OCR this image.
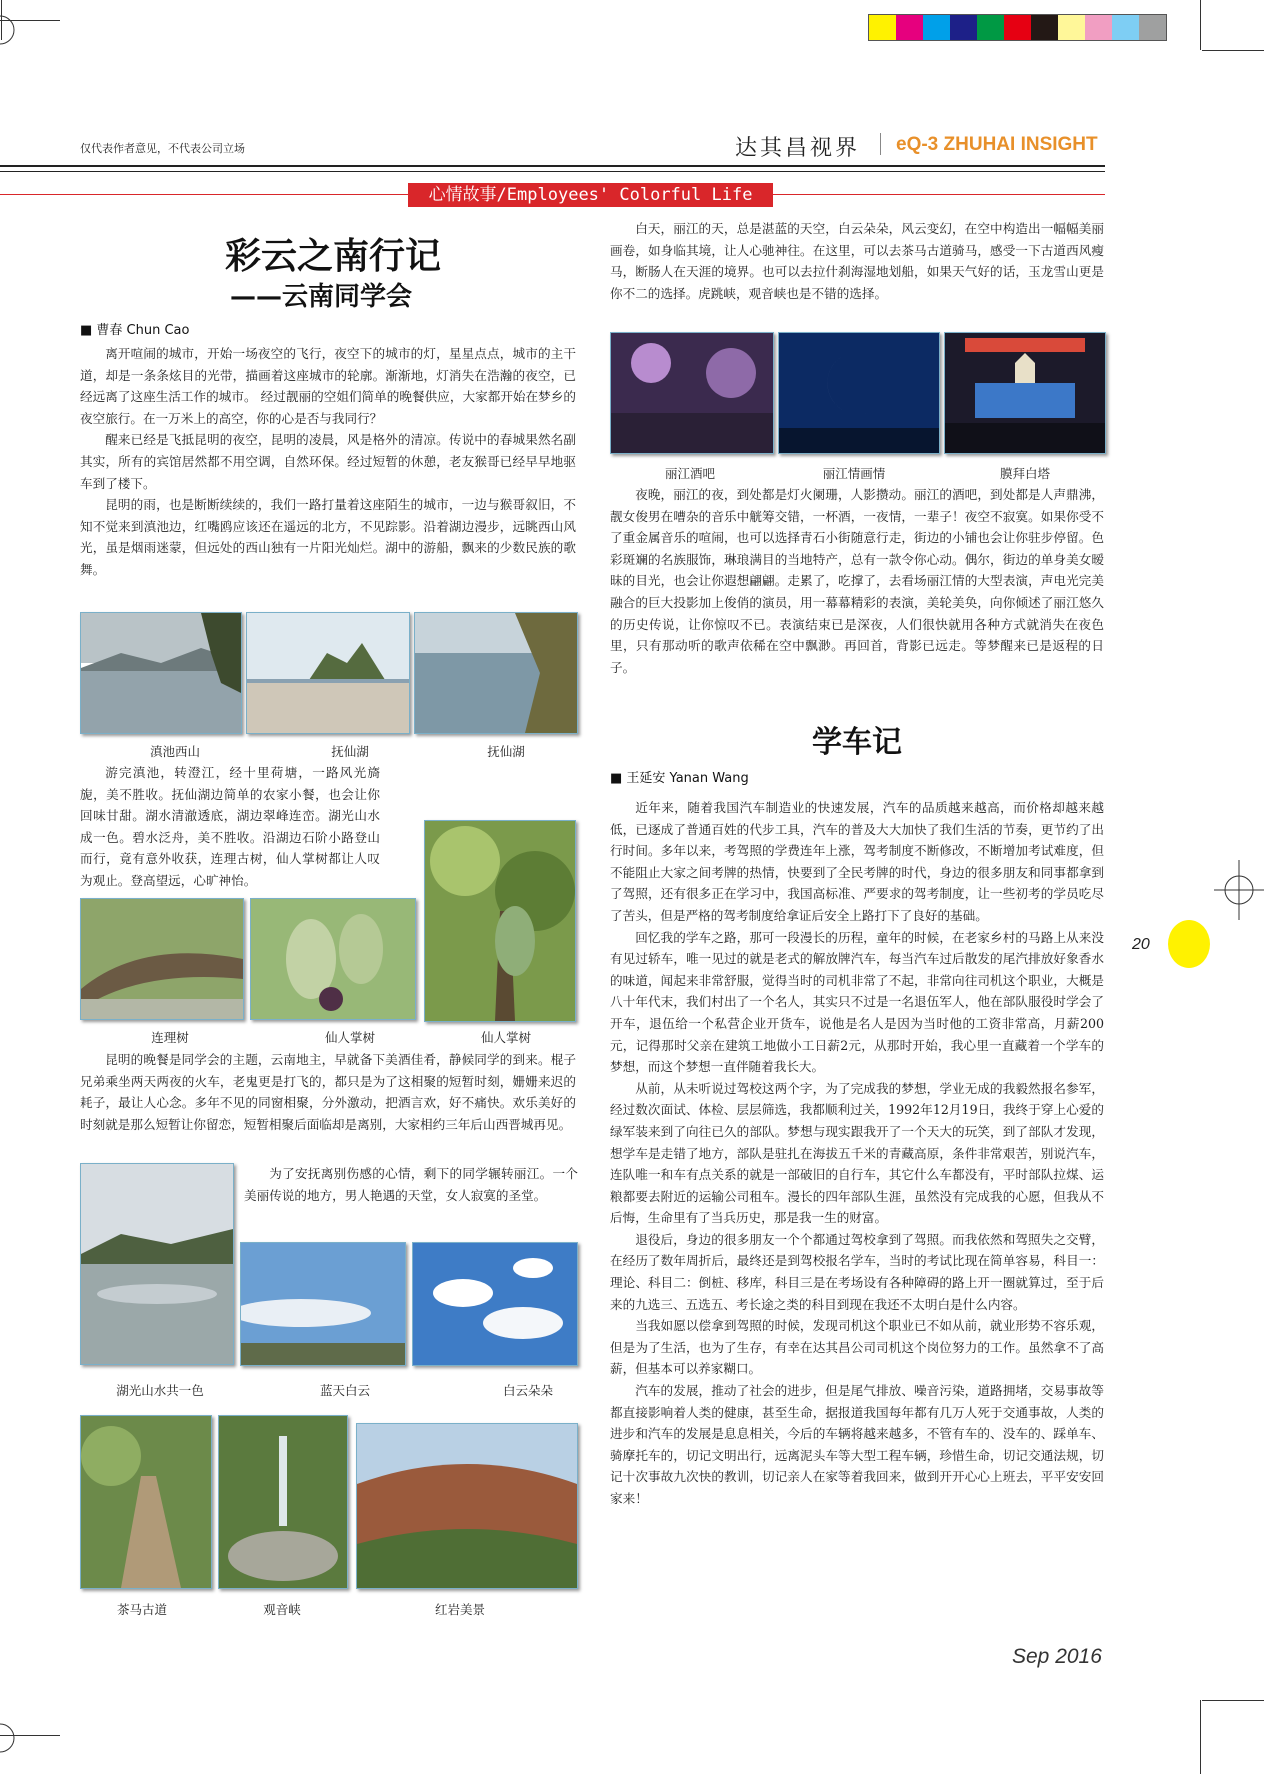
仅代表作者意见，不代表公司立场	达其昌视界 eQ-3 ZHUHAI INSIGHT
心情故事/Employees' Colorful Life
彩云之南行记
——云南同学会
■ 曹春 Chun Cao

离开喧闹的城市，开始一场夜空的飞行，夜空下的城市的灯，星星点点，城市的主干道，却是一条条炫目的光带，描画着这座城市的轮廓。渐渐地，灯消失在浩瀚的夜空，已经远离了这座生活工作的城市。 经过靓丽的空姐们简单的晚餐供应，大家都开始在梦乡的夜空旅行。在一万米上的高空，你的心是否与我同行？

醒来已经是飞抵昆明的夜空，昆明的凌晨，风是格外的清凉。传说中的春城果然名副其实，所有的宾馆居然都不用空调，自然环保。经过短暂的休憩，老友猴哥已经早早地驱车到了楼下。

昆明的雨，也是断断续续的，我们一路打量着这座陌生的城市，一边与猴哥叙旧，不知不觉来到滇池边，红嘴鸥应该还在遥远的北方，不见踪影。沿着湖边漫步，远眺西山风光，虽是烟雨迷蒙，但远处的西山独有一片阳光灿烂。湖中的游船，飘来的少数民族的歌舞。

滇池西山	抚仙湖	抚仙湖

游完滇池，转澄江，经十里荷塘，一路风光旖旎，美不胜收。抚仙湖边简单的农家小餐，也会让你回味甘甜。湖水清澈透底，湖边翠峰连峦。湖光山水成一色。碧水泛舟，美不胜收。沿湖边石阶小路登山而行，竟有意外收获，连理古树，仙人掌树都让人叹为观止。登高望远，心旷神怡。

连理树	仙人掌树	仙人掌树

昆明的晚餐是同学会的主题，云南地主，早就备下美酒佳肴，静候同学的到来。棍子兄弟乘坐两天两夜的火车，老鬼更是打飞的，都只是为了这相聚的短暂时刻，姗姗来迟的耗子，最让人心念。多年不见的同窗相聚，分外激动，把酒言欢，好不痛快。欢乐美好的时刻就是那么短暂让你留恋，短暂相聚后面临却是离别，大家相约三年后山西晋城再见。

为了安抚离别伤感的心情，剩下的同学辗转丽江。一个美丽传说的地方，男人艳遇的天堂，女人寂寞的圣堂。

湖光山水共一色	蓝天白云	白云朵朵
茶马古道	观音峡	红岩美景

白天，丽江的天，总是湛蓝的天空，白云朵朵，风云变幻，在空中构造出一幅幅美丽画卷，如身临其境，让人心驰神往。在这里，可以去茶马古道骑马，感受一下古道西风瘦马，断肠人在天涯的境界。也可以去拉什刹海湿地划船，如果天气好的话，玉龙雪山更是你不二的选择。虎跳峡，观音峡也是不错的选择。

丽江酒吧	丽江情画情	膜拜白塔

夜晚，丽江的夜，到处都是灯火阑珊，人影攒动。丽江的酒吧，到处都是人声鼎沸，靓女俊男在嘈杂的音乐中觥筹交错，一杯酒，一夜情，一辈子！夜空不寂寞。如果你受不了重金属音乐的喧闹，也可以选择青石小街随意行走，街边的小铺也会让你驻步停留。色彩斑斓的名族服饰，琳琅满目的当地特产，总有一款令你心动。偶尔，街边的单身美女暧昧的目光，也会让你遐想翩翩。走累了，吃撑了，去看场丽江情的大型表演，声电光完美融合的巨大投影加上俊俏的演员，用一幕幕精彩的表演，美轮美奂，向你倾述了丽江悠久的历史传说，让你惊叹不已。表演结束已是深夜，人们很快就用各种方式就消失在夜色里，只有那动听的歌声依稀在空中飘渺。再回首，背影已远走。等梦醒来已是返程的日子。

学车记
■ 王延安 Yanan Wang

近年来，随着我国汽车制造业的快速发展，汽车的品质越来越高，而价格却越来越低，已逐成了普通百姓的代步工具，汽车的普及大大加快了我们生活的节奏，更节约了出行时间。多年以来，考驾照的学费连年上涨，驾考制度不断修改，不断增加考试难度，但不能阻止大家之间考牌的热情，快要到了全民考牌的时代，身边的很多朋友和同事都拿到了驾照，还有很多正在学习中，我国高标准、严要求的驾考制度，让一些初考的学员吃尽了苦头，但是严格的驾考制度给拿证后安全上路打下了良好的基础。

回忆我的学车之路，那可一段漫长的历程，童年的时候，在老家乡村的马路上从来没有见过轿车，唯一见过的就是老式的解放牌汽车，每当汽车过后散发的尾汽排放好象香水的味道，闻起来非常舒服，觉得当时的司机非常了不起，非常向往司机这个职业，大概是八十年代末，我们村出了一个名人，其实只不过是一名退伍军人，他在部队服役时学会了开车，退伍给一个私营企业开货车，说他是名人是因为当时他的工资非常高，月薪200元，记得那时父亲在建筑工地做小工日薪2元，从那时开始，我心里一直藏着一个学车的梦想，而这个梦想一直伴随着我长大。

从前，从未听说过驾校这两个字，为了完成我的梦想，学业无成的我毅然报名参军，经过数次面试、体检、层层筛选，我都顺利过关，1992年12月19日，我终于穿上心爱的绿军装来到了向往已久的部队。梦想与现实跟我开了一个天大的玩笑，到了部队才发现，想学车是走错了地方，部队是驻扎在海拔五千米的青藏高原，条件非常艰苦，别说汽车，连队唯一和车有点关系的就是一部破旧的自行车，其它什么车都没有，平时部队拉煤、运粮都要去附近的运输公司租车。漫长的四年部队生涯，虽然没有完成我的心愿，但我从不后悔，生命里有了当兵历史，那是我一生的财富。

退役后，身边的很多朋友一个个都通过驾校拿到了驾照。而我依然和驾照失之交臂，在经历了数年周折后，最终还是到驾校报名学车，当时的考试比现在简单容易，科目一：理论、科目二：倒桩、移库，科目三是在考场设有各种障碍的路上开一圈就算过，至于后来的九选三、五选五、考长途之类的科目到现在我还不太明白是什么内容。

当我如愿以偿拿到驾照的时候，发现司机这个职业已不如从前，就业形势不容乐观，但是为了生活，也为了生存，有幸在达其昌公司司机这个岗位努力的工作。虽然拿不了高薪，但基本可以养家糊口。

汽车的发展，推动了社会的进步，但是尾气排放、噪音污染，道路拥堵，交易事故等都直接影响着人类的健康，甚至生命，据报道我国每年都有几万人死于交通事故，人类的进步和汽车的发展是息息相关，今后的车辆将越来越多，不管有车的、没车的、踩单车、骑摩托车的，切记文明出行，远离泥头车等大型工程车辆，珍惜生命，切记交通法规，切记十次事故九次快的教训，切记亲人在家等着我回来，做到开开心心上班去，平平安安回家来！

20
Sep 2016
